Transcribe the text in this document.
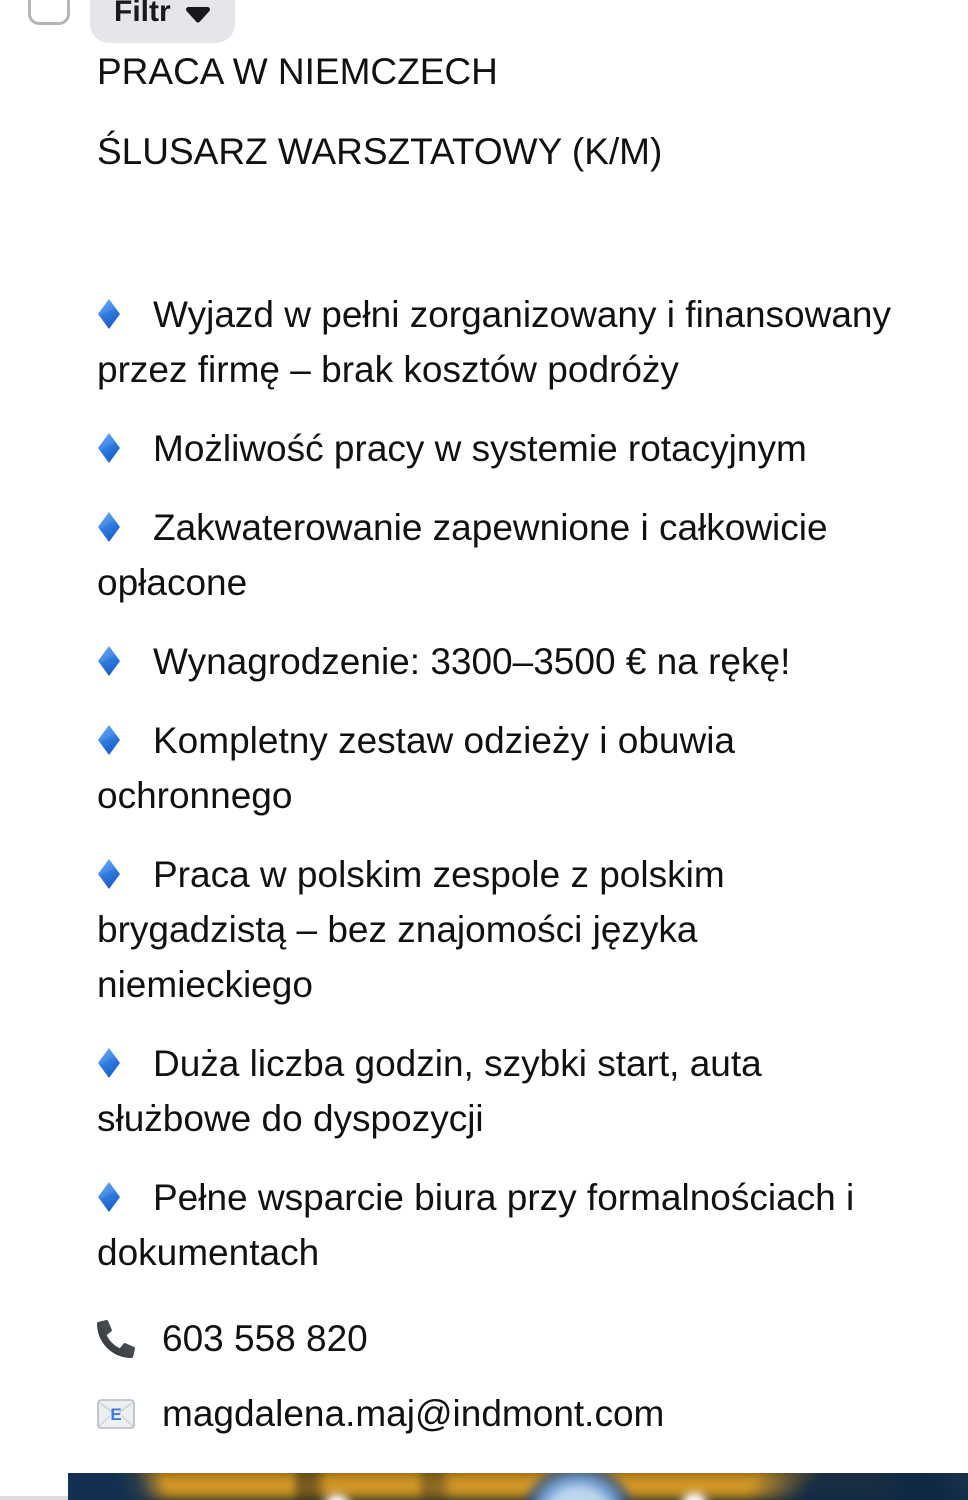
Filtr

PRACA W NIEMCZECH

ŚLUSARZ WARSZTATOWY (K/M)

Wyjazd w pełni zorganizowany i finansowany przez firmę – brak kosztów podróży

Możliwość pracy w systemie rotacyjnym

Zakwaterowanie zapewnione i całkowicie opłacone

Wynagrodzenie: 3300–3500 € na rękę!

Kompletny zestaw odzieży i obuwia ochronnego

Praca w polskim zespole z polskim brygadzistą – bez znajomości języka niemieckiego

Duża liczba godzin, szybki start, auta służbowe do dyspozycji

Pełne wsparcie biura przy formalnościach i dokumentach

603 558 820
E magdalena.maj@indmont.com
